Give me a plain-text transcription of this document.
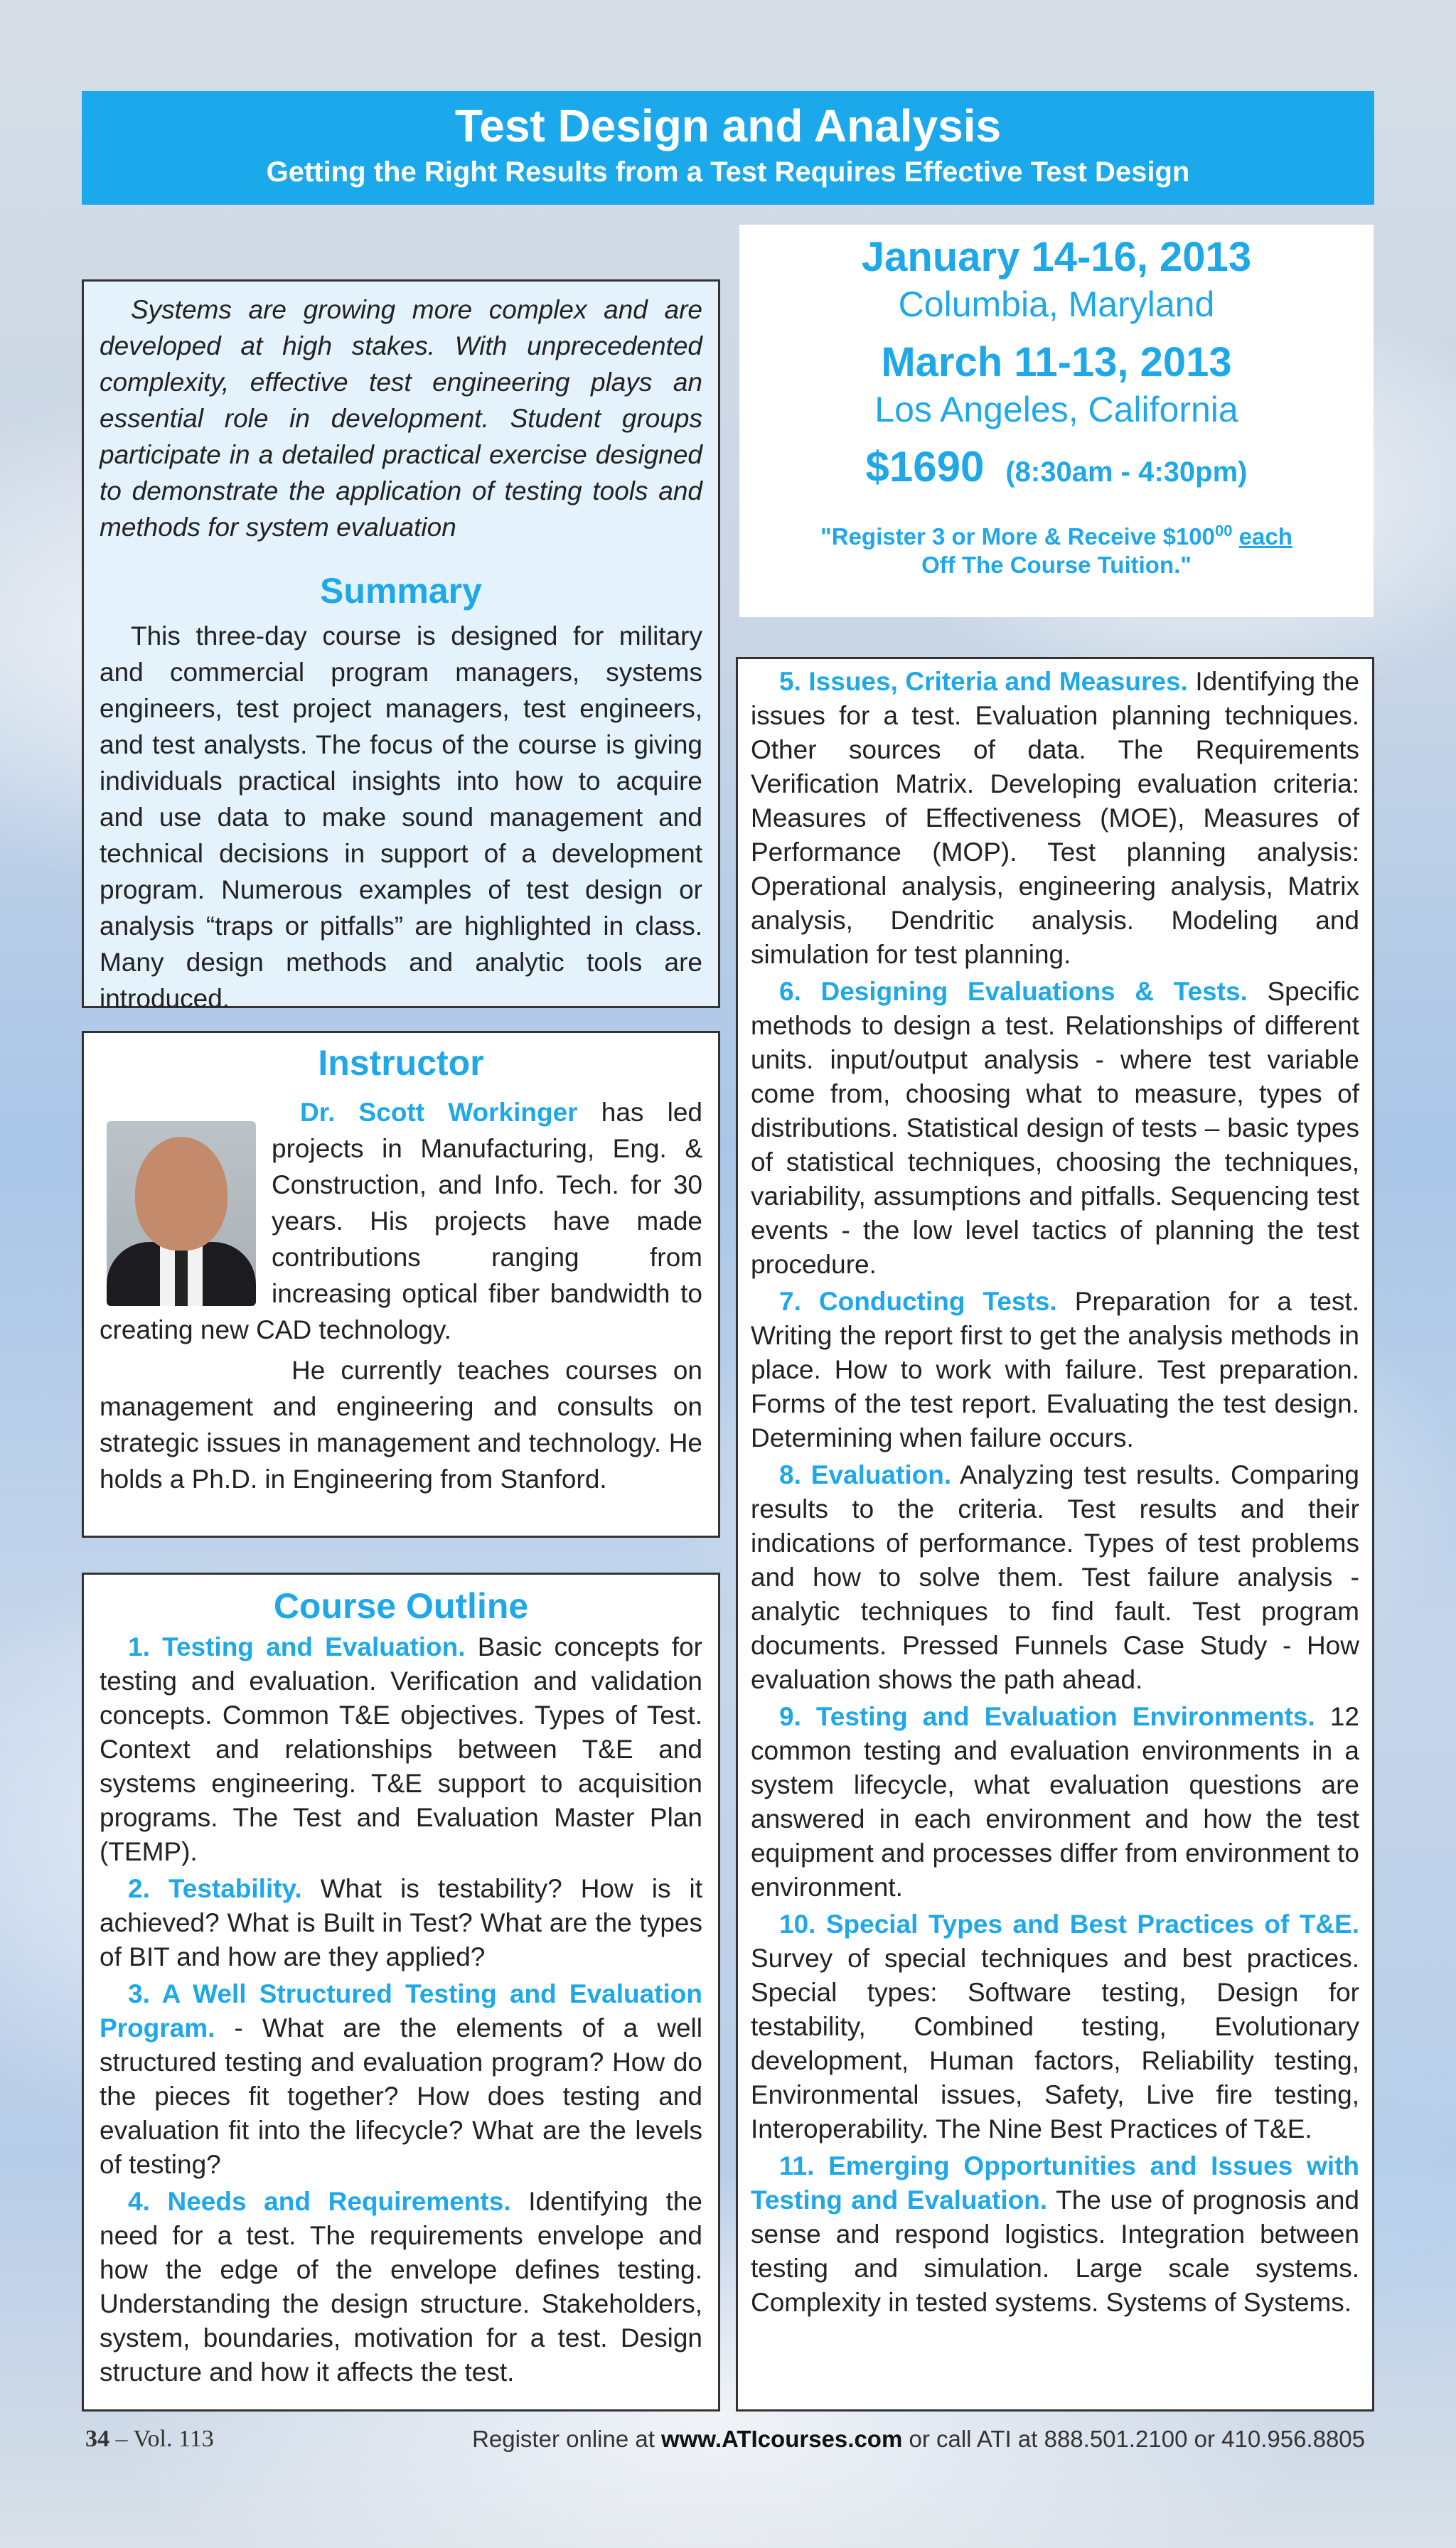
Test Design and Analysis
Getting the Right Results from a Test Requires Effective Test Design

Systems are growing more complex and are developed at high stakes. With unprecedented complexity, effective test engineering plays an essential role in development. Student groups participate in a detailed practical exercise designed to demonstrate the application of testing tools and methods for system evaluation

Summary

This three-day course is designed for military and commercial program managers, systems engineers, test project managers, test engineers, and test analysts. The focus of the course is giving individuals practical insights into how to acquire and use data to make sound management and technical decisions in support of a development program. Numerous examples of test design or analysis “traps or pitfalls” are highlighted in class. Many design methods and analytic tools are introduced.

January 14-16, 2013
Columbia, Maryland
March 11-13, 2013
Los Angeles, California
$1690 (8:30am - 4:30pm)
"Register 3 or More & Receive $\$100^{00}$ each
Off The Course Tuition."
Instructor

Dr. Scott Workinger has led projects in Manufacturing, Eng. & Construction, and Info. Tech. for 30 years. His projects have made contributions ranging from increasing optical fiber bandwidth to creating new CAD technology.

He currently teaches courses on management and engineering and consults on strategic issues in management and technology. He holds a Ph.D. in Engineering from Stanford.

Course Outline

1. Testing and Evaluation. Basic concepts for testing and evaluation. Verification and validation concepts. Common T&E objectives. Types of Test. Context and relationships between T&E and systems engineering. T&E support to acquisition programs. The Test and Evaluation Master Plan (TEMP).

2. Testability. What is testability? How is it achieved? What is Built in Test? What are the types of BIT and how are they applied?

3. A Well Structured Testing and Evaluation Program. - What are the elements of a well structured testing and evaluation program? How do the pieces fit together? How does testing and evaluation fit into the lifecycle? What are the levels of testing?

4. Needs and Requirements. Identifying the need for a test. The requirements envelope and how the edge of the envelope defines testing. Understanding the design structure. Stakeholders, system, boundaries, motivation for a test. Design structure and how it affects the test.

5. Issues, Criteria and Measures. Identifying the issues for a test. Evaluation planning techniques. Other sources of data. The Requirements Verification Matrix. Developing evaluation criteria: Measures of Effectiveness (MOE), Measures of Performance (MOP). Test planning analysis: Operational analysis, engineering analysis, Matrix analysis, Dendritic analysis. Modeling and simulation for test planning.

6. Designing Evaluations & Tests. Specific methods to design a test. Relationships of different units. input/output analysis - where test variable come from, choosing what to measure, types of distributions. Statistical design of tests – basic types of statistical techniques, choosing the techniques, variability, assumptions and pitfalls. Sequencing test events - the low level tactics of planning the test procedure.

7. Conducting Tests. Preparation for a test. Writing the report first to get the analysis methods in place. How to work with failure. Test preparation. Forms of the test report. Evaluating the test design. Determining when failure occurs.

8. Evaluation. Analyzing test results. Comparing results to the criteria. Test results and their indications of performance. Types of test problems and how to solve them. Test failure analysis - analytic techniques to find fault. Test program documents. Pressed Funnels Case Study - How evaluation shows the path ahead.

9. Testing and Evaluation Environments. 12 common testing and evaluation environments in a system lifecycle, what evaluation questions are answered in each environment and how the test equipment and processes differ from environment to environment.

10. Special Types and Best Practices of T&E. Survey of special techniques and best practices. Special types: Software testing, Design for testability, Combined testing, Evolutionary development, Human factors, Reliability testing, Environmental issues, Safety, Live fire testing, Interoperability. The Nine Best Practices of T&E.

11. Emerging Opportunities and Issues with Testing and Evaluation. The use of prognosis and sense and respond logistics. Integration between testing and simulation. Large scale systems. Complexity in tested systems. Systems of Systems.

34 – Vol. 113	Register online at www.ATIcourses.com or call ATI at 888.501.2100 or 410.956.8805
